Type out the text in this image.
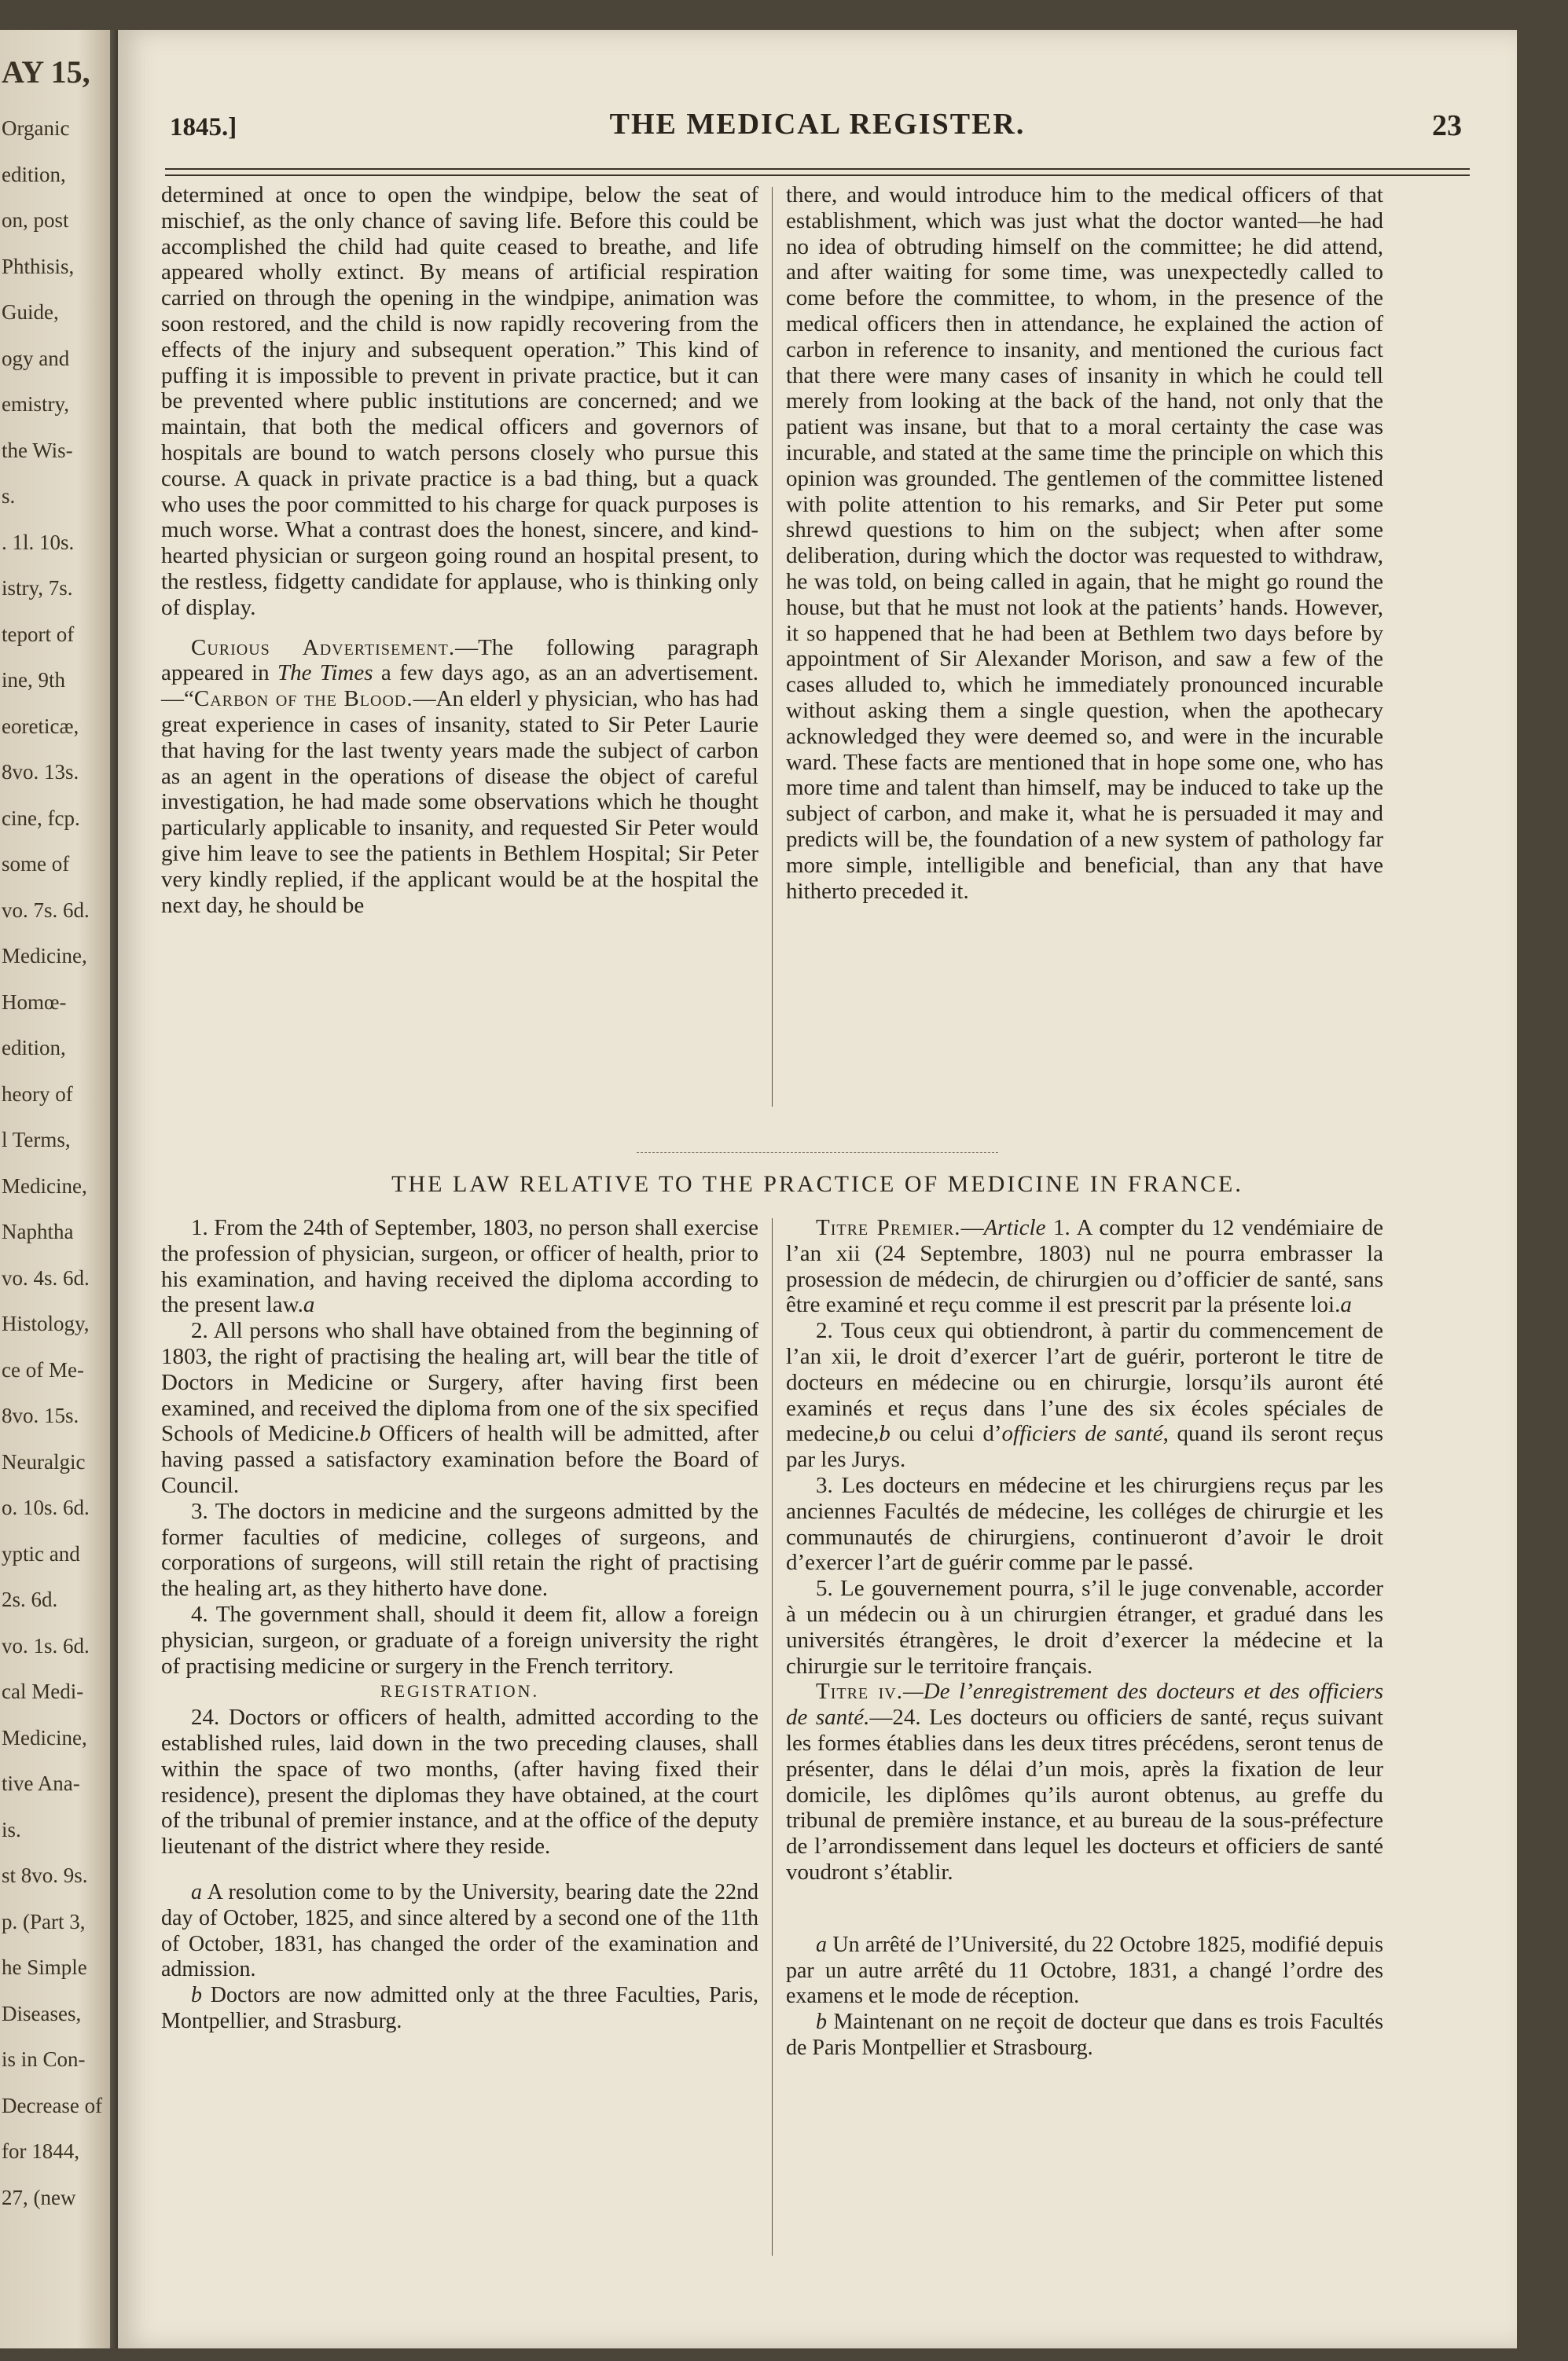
AY 15,
Organic
edition,
on, post
Phthisis,
Guide,
ogy and
emistry,
the Wis-
s.
. 1l. 10s.
istry, 7s.
teport of
ine, 9th
eoreticæ,
8vo. 13s.
cine, fcp.
some of
vo. 7s. 6d.
Medicine,
Homœ-
edition,
heory of
l Terms,
Medicine,
Naphtha
vo. 4s. 6d.
Histology,
ce of Me-
8vo. 15s.
Neuralgic
o. 10s. 6d.
yptic and
2s. 6d.
vo. 1s. 6d.
cal Medi-
Medicine,
tive Ana-
is.
st 8vo. 9s.
p. (Part 3,
he Simple
Diseases,
is in Con-
Decrease of
for 1844,
27, (new
1845.]	THE MEDICAL REGISTER.	23

determined at once to open the windpipe, below the seat of mischief, as the only chance of saving life. Before this could be accomplished the child had quite ceased to breathe, and life appeared wholly extinct. By means of artificial respiration carried on through the opening in the windpipe, animation was soon restored, and the child is now rapidly recovering from the effects of the injury and subsequent operation.” This kind of puffing it is impossible to prevent in private practice, but it can be prevented where public institutions are concerned; and we maintain, that both the medical officers and governors of hospitals are bound to watch persons closely who pursue this course. A quack in private practice is a bad thing, but a quack who uses the poor committed to his charge for quack purposes is much worse. What a contrast does the honest, sincere, and kind-hearted physician or surgeon going round an hospital present, to the restless, fidgetty candidate for applause, who is thinking only of display.

Curious Advertisement.—The following paragraph appeared in The Times a few days ago, as an an advertisement.—“Carbon of the Blood.—An elderl y physician, who has had great experience in cases of insanity, stated to Sir Peter Laurie that having for the last twenty years made the subject of carbon as an agent in the operations of disease the object of careful investigation, he had made some observations which he thought particularly applicable to insanity, and requested Sir Peter would give him leave to see the patients in Bethlem Hospital; Sir Peter very kindly replied, if the applicant would be at the hospital the next day, he should be

there, and would introduce him to the medical officers of that establishment, which was just what the doctor wanted—he had no idea of obtruding himself on the committee; he did attend, and after waiting for some time, was unexpectedly called to come before the committee, to whom, in the presence of the medical officers then in attendance, he explained the action of carbon in reference to insanity, and mentioned the curious fact that there were many cases of insanity in which he could tell merely from looking at the back of the hand, not only that the patient was insane, but that to a moral certainty the case was incurable, and stated at the same time the principle on which this opinion was grounded. The gentlemen of the committee listened with polite attention to his remarks, and Sir Peter put some shrewd questions to him on the subject; when after some deliberation, during which the doctor was requested to withdraw, he was told, on being called in again, that he might go round the house, but that he must not look at the patients’ hands. However, it so happened that he had been at Bethlem two days before by appointment of Sir Alexander Morison, and saw a few of the cases alluded to, which he immediately pronounced incurable without asking them a single question, when the apothecary acknowledged they were deemed so, and were in the incurable ward. These facts are mentioned that in hope some one, who has more time and talent than himself, may be induced to take up the subject of carbon, and make it, what he is persuaded it may and predicts will be, the foundation of a new system of pathology far more simple, intelligible and beneficial, than any that have hitherto preceded it.

THE LAW RELATIVE TO THE PRACTICE OF MEDICINE IN FRANCE.

1. From the 24th of September, 1803, no person shall exercise the profession of physician, surgeon, or officer of health, prior to his examination, and having received the diploma according to the present law.a

2. All persons who shall have obtained from the beginning of 1803, the right of practising the healing art, will bear the title of Doctors in Medicine or Surgery, after having first been examined, and received the diploma from one of the six specified Schools of Medicine.b Officers of health will be admitted, after having passed a satisfactory examination before the Board of Council.

3. The doctors in medicine and the surgeons admitted by the former faculties of medicine, colleges of surgeons, and corporations of surgeons, will still retain the right of practising the healing art, as they hitherto have done.

4. The government shall, should it deem fit, allow a foreign physician, surgeon, or graduate of a foreign university the right of practising medicine or surgery in the French territory.

REGISTRATION.

24. Doctors or officers of health, admitted according to the established rules, laid down in the two preceding clauses, shall within the space of two months, (after having fixed their residence), present the diplomas they have obtained, at the court of the tribunal of premier instance, and at the office of the deputy lieutenant of the district where they reside.

a A resolution come to by the University, bearing date the 22nd day of October, 1825, and since altered by a second one of the 11th of October, 1831, has changed the order of the examination and admission.

b Doctors are now admitted only at the three Faculties, Paris, Montpellier, and Strasburg.

Titre Premier.—Article 1. A compter du 12 vendémiaire de l’an xii (24 Septembre, 1803) nul ne pourra embrasser la prosession de médecin, de chirurgien ou d’officier de santé, sans être examiné et reçu comme il est prescrit par la présente loi.a

2. Tous ceux qui obtiendront, à partir du commencement de l’an xii, le droit d’exercer l’art de guérir, porteront le titre de docteurs en médecine ou en chirurgie, lorsqu’ils auront été examinés et reçus dans l’une des six écoles spéciales de medecine,b ou celui d’officiers de santé, quand ils seront reçus par les Jurys.

3. Les docteurs en médecine et les chirurgiens reçus par les anciennes Facultés de médecine, les colléges de chirurgie et les communautés de chirurgiens, continueront d’avoir le droit d’exercer l’art de guérir comme par le passé.

5. Le gouvernement pourra, s’il le juge convenable, accorder à un médecin ou à un chirurgien étranger, et gradué dans les universités étrangères, le droit d’exercer la médecine et la chirurgie sur le territoire français.

Titre iv.—De l’enregistrement des docteurs et des officiers de santé.—24. Les docteurs ou officiers de santé, reçus suivant les formes établies dans les deux titres précédens, seront tenus de présenter, dans le délai d’un mois, après la fixation de leur domicile, les diplômes qu’ils auront obtenus, au greffe du tribunal de première instance, et au bureau de la sous-préfecture de l’arrondissement dans lequel les docteurs et officiers de santé voudront s’établir.

a Un arrêté de l’Université, du 22 Octobre 1825, modifié depuis par un autre arrêté du 11 Octobre, 1831, a changé l’ordre des examens et le mode de réception.

b Maintenant on ne reçoit de docteur que dans es trois Facultés de Paris Montpellier et Strasbourg.
